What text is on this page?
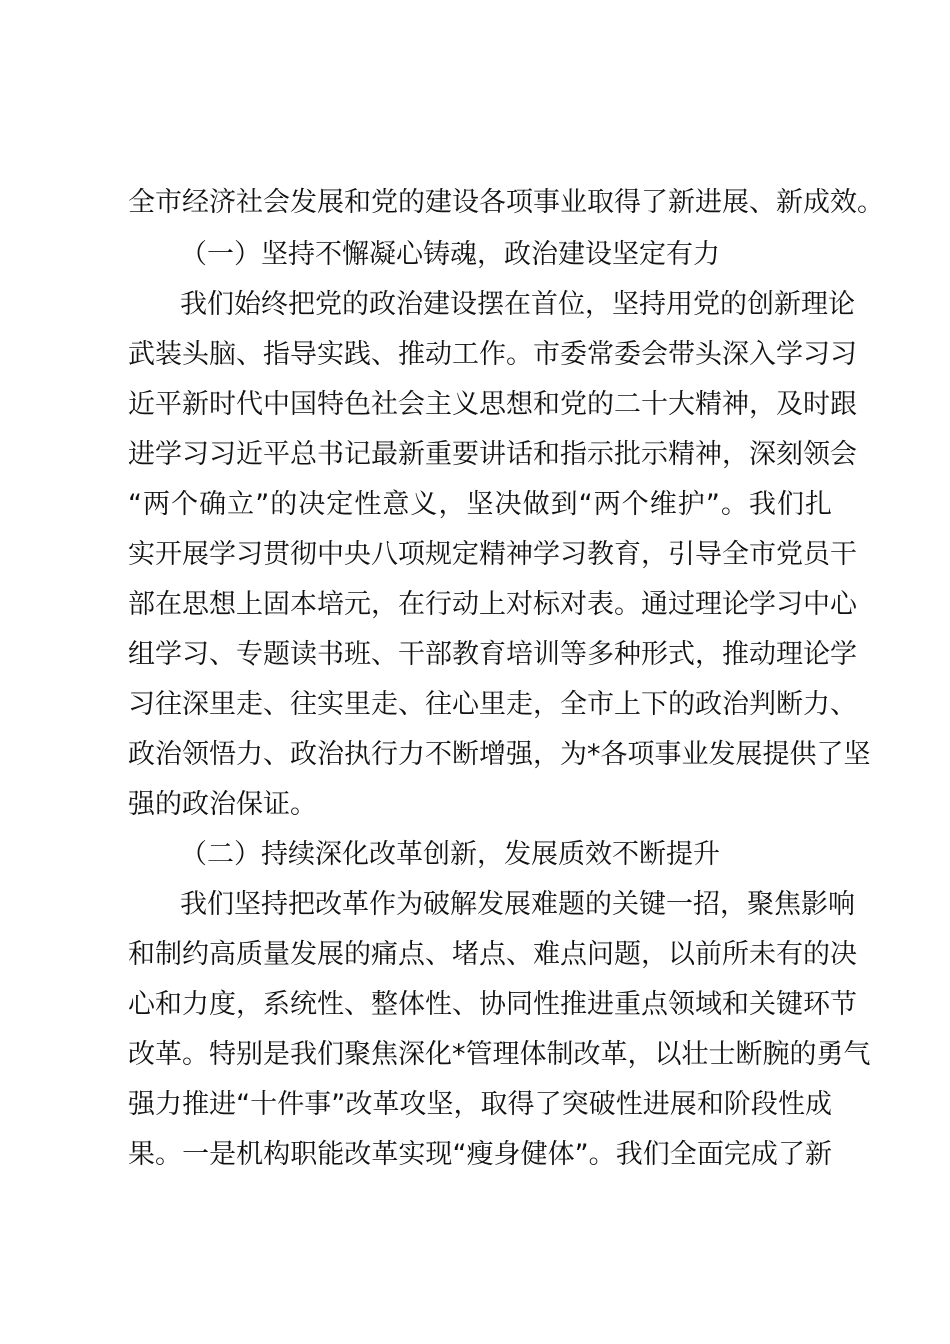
全市经济社会发展和党的建设各项事业取得了新进展、新成效。
（一）坚持不懈凝心铸魂，政治建设坚定有力
我们始终把党的政治建设摆在首位，坚持用党的创新理论
武装头脑、指导实践、推动工作。市委常委会带头深入学习习
近平新时代中国特色社会主义思想和党的二十大精神，及时跟
进学习习近平总书记最新重要讲话和指示批示精神，深刻领会
“两个确立”的决定性意义，坚决做到“两个维护”。我们扎
实开展学习贯彻中央八项规定精神学习教育，引导全市党员干
部在思想上固本培元，在行动上对标对表。通过理论学习中心
组学习、专题读书班、干部教育培训等多种形式，推动理论学
习往深里走、往实里走、往心里走，全市上下的政治判断力、
政治领悟力、政治执行力不断增强，为*各项事业发展提供了坚
强的政治保证。
（二）持续深化改革创新，发展质效不断提升
我们坚持把改革作为破解发展难题的关键一招，聚焦影响
和制约高质量发展的痛点、堵点、难点问题，以前所未有的决
心和力度，系统性、整体性、协同性推进重点领域和关键环节
改革。特别是我们聚焦深化*管理体制改革，以壮士断腕的勇气
强力推进“十件事”改革攻坚，取得了突破性进展和阶段性成
果。一是机构职能改革实现“瘦身健体”。我们全面完成了新
